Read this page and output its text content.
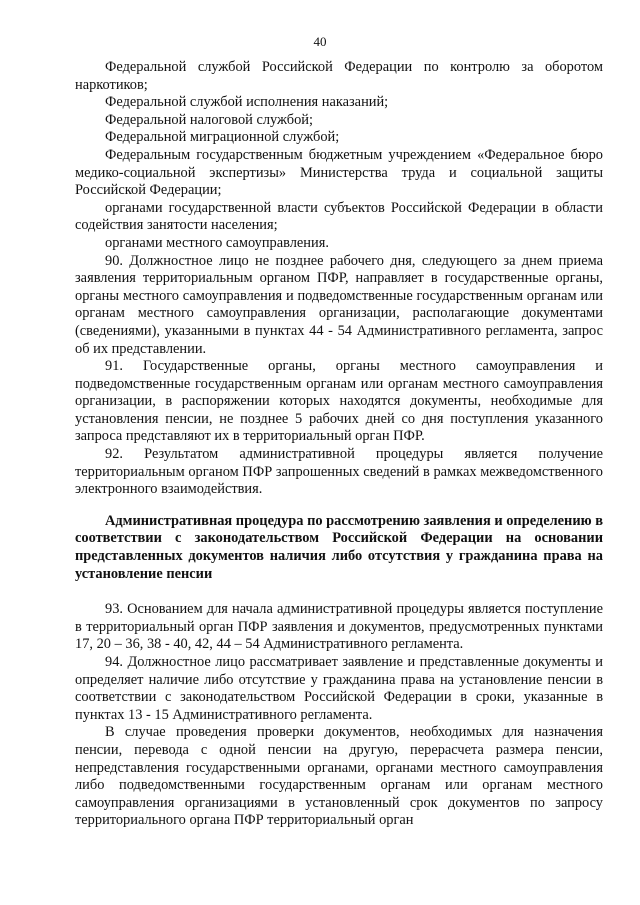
40

Федеральной службой Российской Федерации по контролю за оборотом наркотиков;

Федеральной службой исполнения наказаний;

Федеральной налоговой службой;

Федеральной миграционной службой;

Федеральным государственным бюджетным учреждением «Федеральное бюро медико-социальной экспертизы» Министерства труда и социальной защиты Российской Федерации;

органами государственной власти субъектов Российской Федерации в области содействия занятости населения;

органами местного самоуправления.

90. Должностное лицо не позднее рабочего дня, следующего за днем приема заявления территориальным органом ПФР, направляет в государственные органы, органы местного самоуправления и подведомственные государственным органам или органам местного самоуправления организации, располагающие документами (сведениями), указанными в пунктах 44 - 54 Административного регламента, запрос об их представлении.

91. Государственные органы, органы местного самоуправления и подведомственные государственным органам или органам местного самоуправления организации, в распоряжении которых находятся документы, необходимые для установления пенсии, не позднее 5 рабочих дней со дня поступления указанного запроса представляют их в территориальный орган ПФР.

92. Результатом административной процедуры является получение территориальным органом ПФР запрошенных сведений в рамках межведомственного электронного взаимодействия.

Административная процедура по рассмотрению заявления и определению в соответствии с законодательством Российской Федерации на основании представленных документов наличия либо отсутствия у гражданина права на установление пенсии

93. Основанием для начала административной процедуры является поступление в территориальный орган ПФР заявления и документов, предусмотренных пунктами 17, 20 – 36, 38 - 40, 42, 44 – 54 Административного регламента.

94. Должностное лицо рассматривает заявление и представленные документы и определяет наличие либо отсутствие у гражданина права на установление пенсии в соответствии с законодательством Российской Федерации в сроки, указанные в пунктах 13 - 15 Административного регламента.

В случае проведения проверки документов, необходимых для назначения пенсии, перевода с одной пенсии на другую, перерасчета размера пенсии, непредставления государственными органами, органами местного самоуправления либо подведомственными государственным органам или органам местного самоуправления организациями в установленный срок документов по запросу территориального органа ПФР территориальный орган
